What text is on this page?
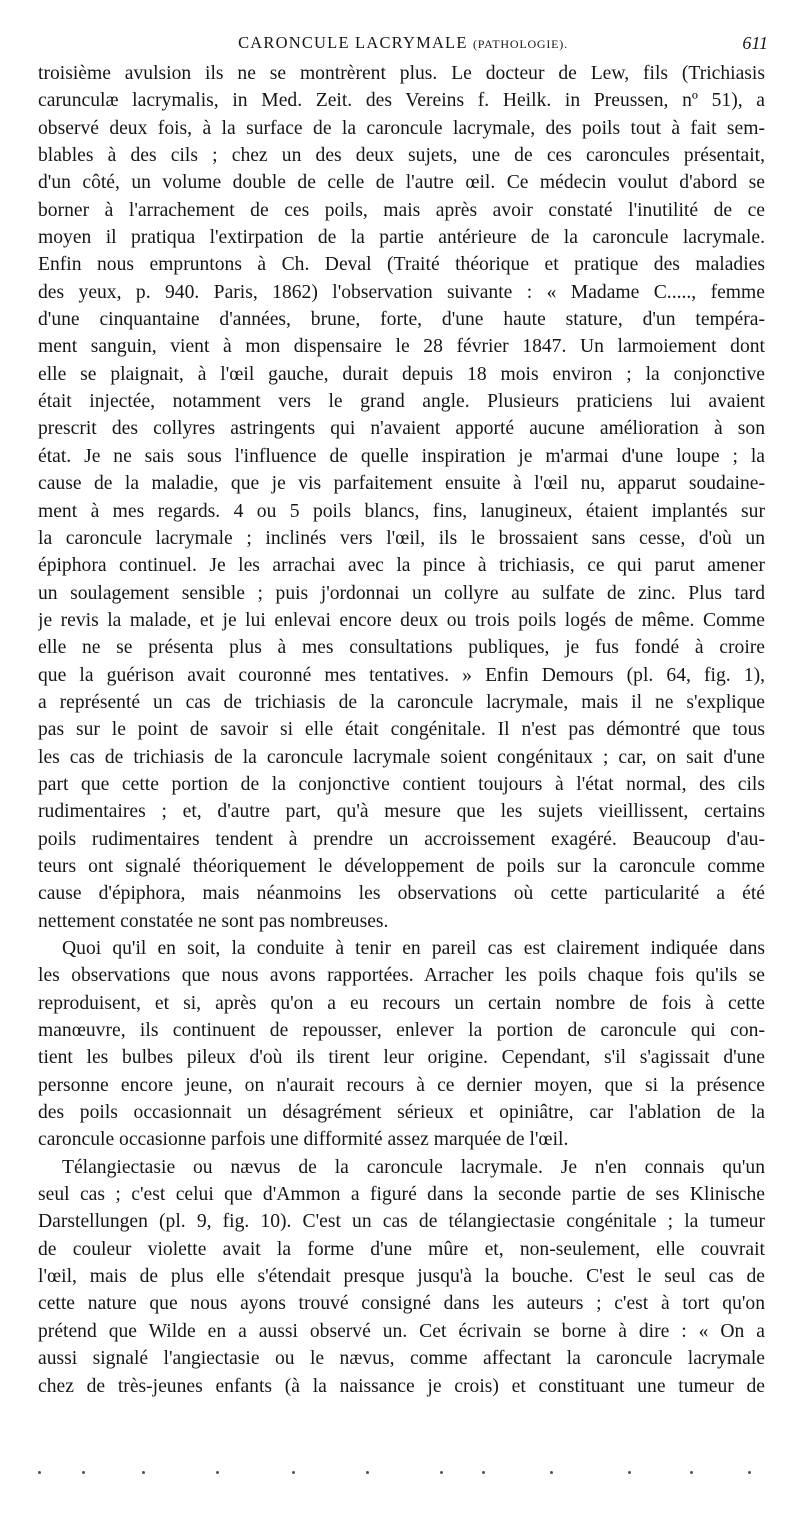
CARONCULE LACRYMALE (PATHOLOGIE).	611
troisième avulsion ils ne se montrèrent plus. Le docteur de Lew, fils (Trichiasis
carunculæ lacrymalis, in Med. Zeit. des Vereins f. Heilk. in Preussen, nº 51), a
observé deux fois, à la surface de la caroncule lacrymale, des poils tout à fait sem-
blables à des cils ; chez un des deux sujets, une de ces caroncules présentait,
d'un côté, un volume double de celle de l'autre œil. Ce médecin voulut d'abord se
borner à l'arrachement de ces poils, mais après avoir constaté l'inutilité de ce
moyen il pratiqua l'extirpation de la partie antérieure de la caroncule lacrymale.
Enfin nous empruntons à Ch. Deval (Traité théorique et pratique des maladies
des yeux, p. 940. Paris, 1862) l'observation suivante : « Madame C....., femme
d'une cinquantaine d'années, brune, forte, d'une haute stature, d'un tempéra-
ment sanguin, vient à mon dispensaire le 28 février 1847. Un larmoiement dont
elle se plaignait, à l'œil gauche, durait depuis 18 mois environ ; la conjonctive
était injectée, notamment vers le grand angle. Plusieurs praticiens lui avaient
prescrit des collyres astringents qui n'avaient apporté aucune amélioration à son
état. Je ne sais sous l'influence de quelle inspiration je m'armai d'une loupe ; la
cause de la maladie, que je vis parfaitement ensuite à l'œil nu, apparut soudaine-
ment à mes regards. 4 ou 5 poils blancs, fins, lanugineux, étaient implantés sur
la caroncule lacrymale ; inclinés vers l'œil, ils le brossaient sans cesse, d'où un
épiphora continuel. Je les arrachai avec la pince à trichiasis, ce qui parut amener
un soulagement sensible ; puis j'ordonnai un collyre au sulfate de zinc. Plus tard
je revis la malade, et je lui enlevai encore deux ou trois poils logés de même. Comme
elle ne se présenta plus à mes consultations publiques, je fus fondé à croire
que la guérison avait couronné mes tentatives. » Enfin Demours (pl. 64, fig. 1),
a représenté un cas de trichiasis de la caroncule lacrymale, mais il ne s'explique
pas sur le point de savoir si elle était congénitale. Il n'est pas démontré que tous
les cas de trichiasis de la caroncule lacrymale soient congénitaux ; car, on sait d'une
part que cette portion de la conjonctive contient toujours à l'état normal, des cils
rudimentaires ; et, d'autre part, qu'à mesure que les sujets vieillissent, certains
poils rudimentaires tendent à prendre un accroissement exagéré. Beaucoup d'au-
teurs ont signalé théoriquement le développement de poils sur la caroncule comme
cause d'épiphora, mais néanmoins les observations où cette particularité a été
nettement constatée ne sont pas nombreuses.
Quoi qu'il en soit, la conduite à tenir en pareil cas est clairement indiquée dans
les observations que nous avons rapportées. Arracher les poils chaque fois qu'ils se
reproduisent, et si, après qu'on a eu recours un certain nombre de fois à cette
manœuvre, ils continuent de repousser, enlever la portion de caroncule qui con-
tient les bulbes pileux d'où ils tirent leur origine. Cependant, s'il s'agissait d'une
personne encore jeune, on n'aurait recours à ce dernier moyen, que si la présence
des poils occasionnait un désagrément sérieux et opiniâtre, car l'ablation de la
caroncule occasionne parfois une difformité assez marquée de l'œil.
Télangiectasie ou nævus de la caroncule lacrymale. Je n'en connais qu'un
seul cas ; c'est celui que d'Ammon a figuré dans la seconde partie de ses Klinische
Darstellungen (pl. 9, fig. 10). C'est un cas de télangiectasie congénitale ; la tumeur
de couleur violette avait la forme d'une mûre et, non-seulement, elle couvrait
l'œil, mais de plus elle s'étendait presque jusqu'à la bouche. C'est le seul cas de
cette nature que nous ayons trouvé consigné dans les auteurs ; c'est à tort qu'on
prétend que Wilde en a aussi observé un. Cet écrivain se borne à dire : « On a
aussi signalé l'angiectasie ou le nævus, comme affectant la caroncule lacrymale
chez de très-jeunes enfants (à la naissance je crois) et constituant une tumeur de
